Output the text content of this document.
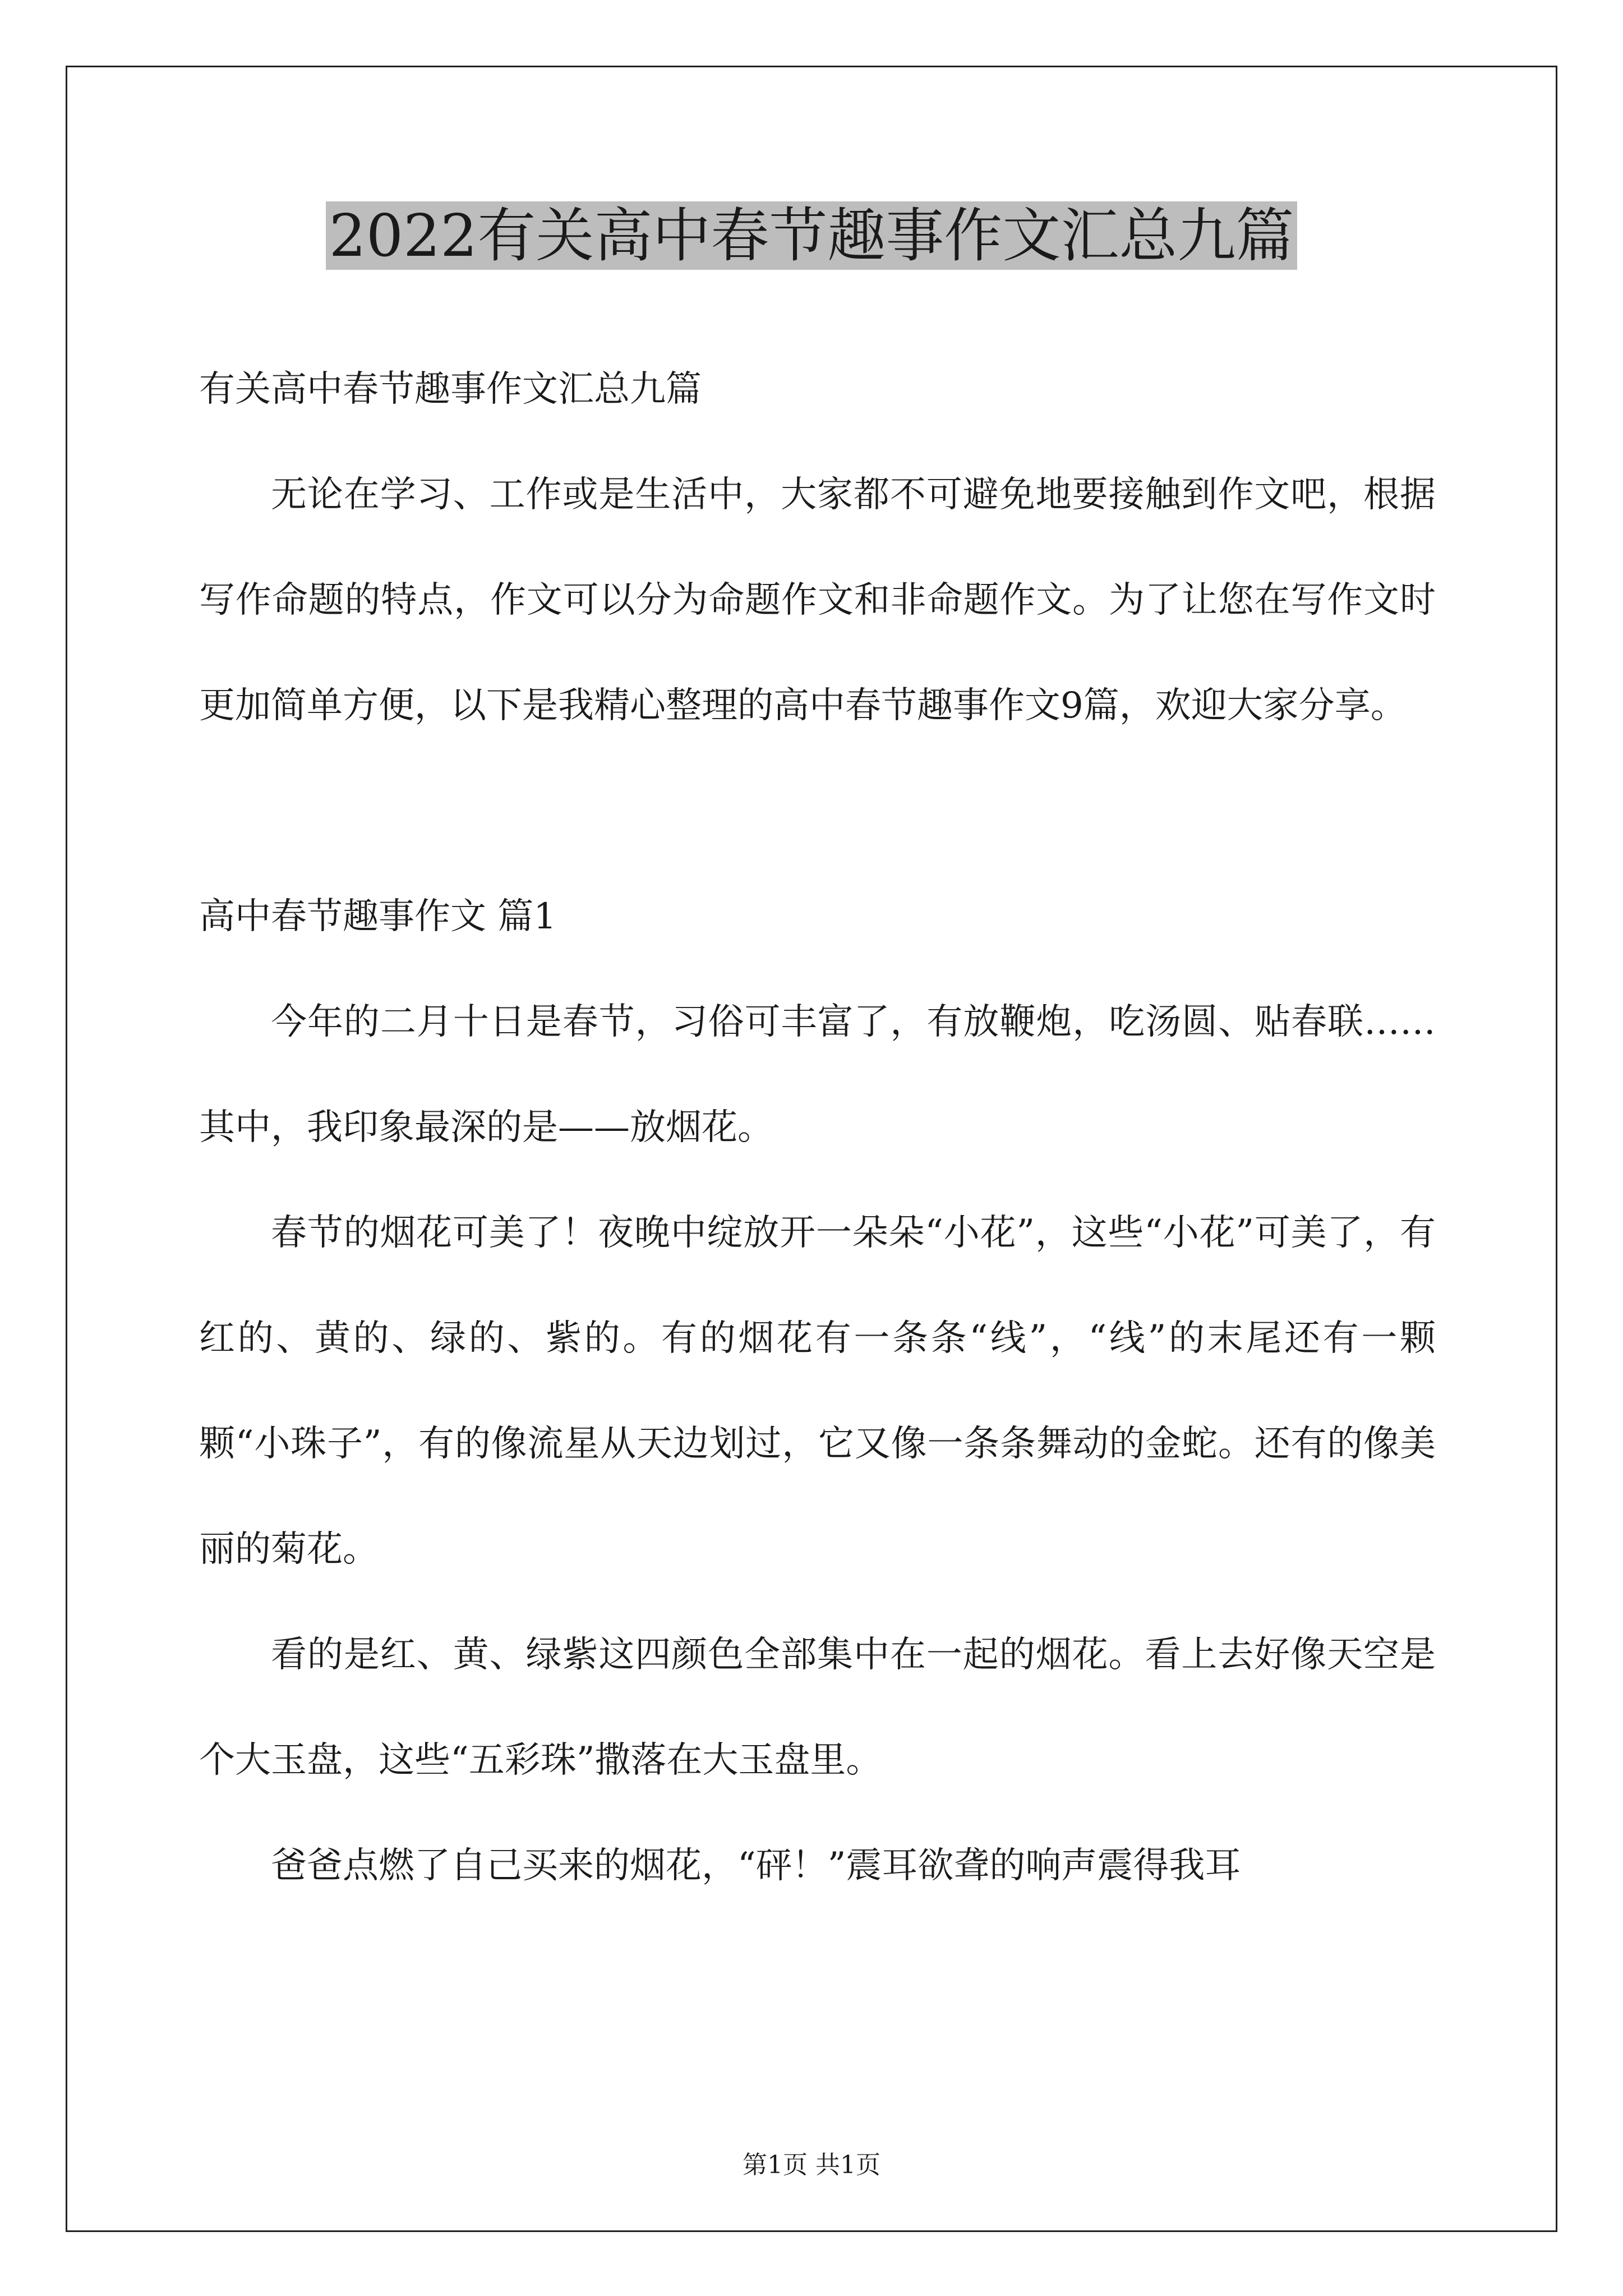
2022有关高中春节趣事作文汇总九篇

有关高中春节趣事作文汇总九篇

无论在学习、工作或是生活中，大家都不可避免地要接触到作文吧，根据写作命题的特点，作文可以分为命题作文和非命题作文。为了让您在写作文时更加简单方便，以下是我精心整理的高中春节趣事作文9篇，欢迎大家分享。

高中春节趣事作文 篇1

今年的二月十日是春节，习俗可丰富了，有放鞭炮，吃汤圆、贴春联……其中，我印象最深的是——放烟花。

春节的烟花可美了！夜晚中绽放开一朵朵“小花”，这些“小花”可美了，有红的、黄的、绿的、紫的。有的烟花有一条条“线”，“线”的末尾还有一颗颗“小珠子”，有的像流星从天边划过，它又像一条条舞动的金蛇。还有的像美丽的菊花。

看的是红、黄、绿紫这四颜色全部集中在一起的烟花。看上去好像天空是个大玉盘，这些“五彩珠”撒落在大玉盘里。

爸爸点燃了自己买来的烟花，“砰！”震耳欲聋的响声震得我耳

第1页 共1页
